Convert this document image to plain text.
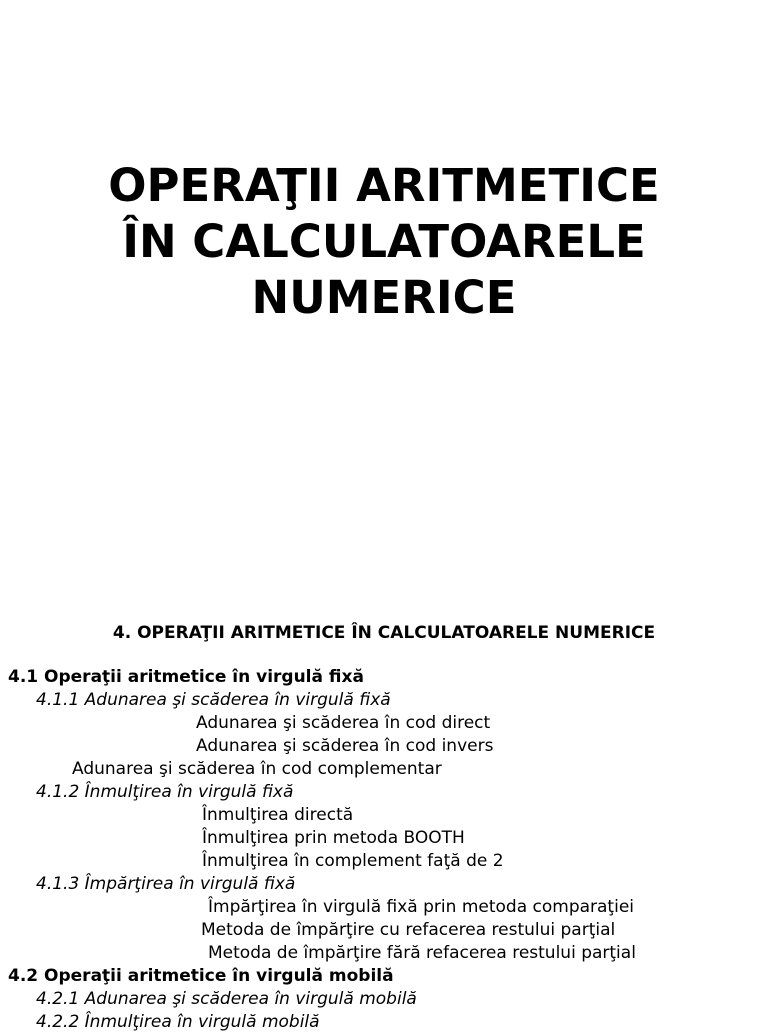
OPERAŢII ARITMETICE
ÎN CALCULATOARELE
NUMERICE
4. OPERAŢII ARITMETICE ÎN CALCULATOARELE NUMERICE
4.1 Operaţii aritmetice în virgulă fixă
4.1.1 Adunarea şi scăderea în virgulă fixă
Adunarea şi scăderea în cod direct
Adunarea şi scăderea în cod invers
Adunarea şi scăderea în cod complementar
4.1.2 Înmulţirea în virgulă fixă
Înmulţirea directă
Înmulţirea prin metoda BOOTH
Înmulţirea în complement faţă de 2
4.1.3 Împărţirea în virgulă fixă
Împărţirea în virgulă fixă prin metoda comparaţiei
Metoda de împărţire cu refacerea restului parţial
Metoda de împărţire fără refacerea restului parţial
4.2 Operaţii aritmetice în virgulă mobilă
4.2.1 Adunarea şi scăderea în virgulă mobilă
4.2.2 Înmulţirea în virgulă mobilă
